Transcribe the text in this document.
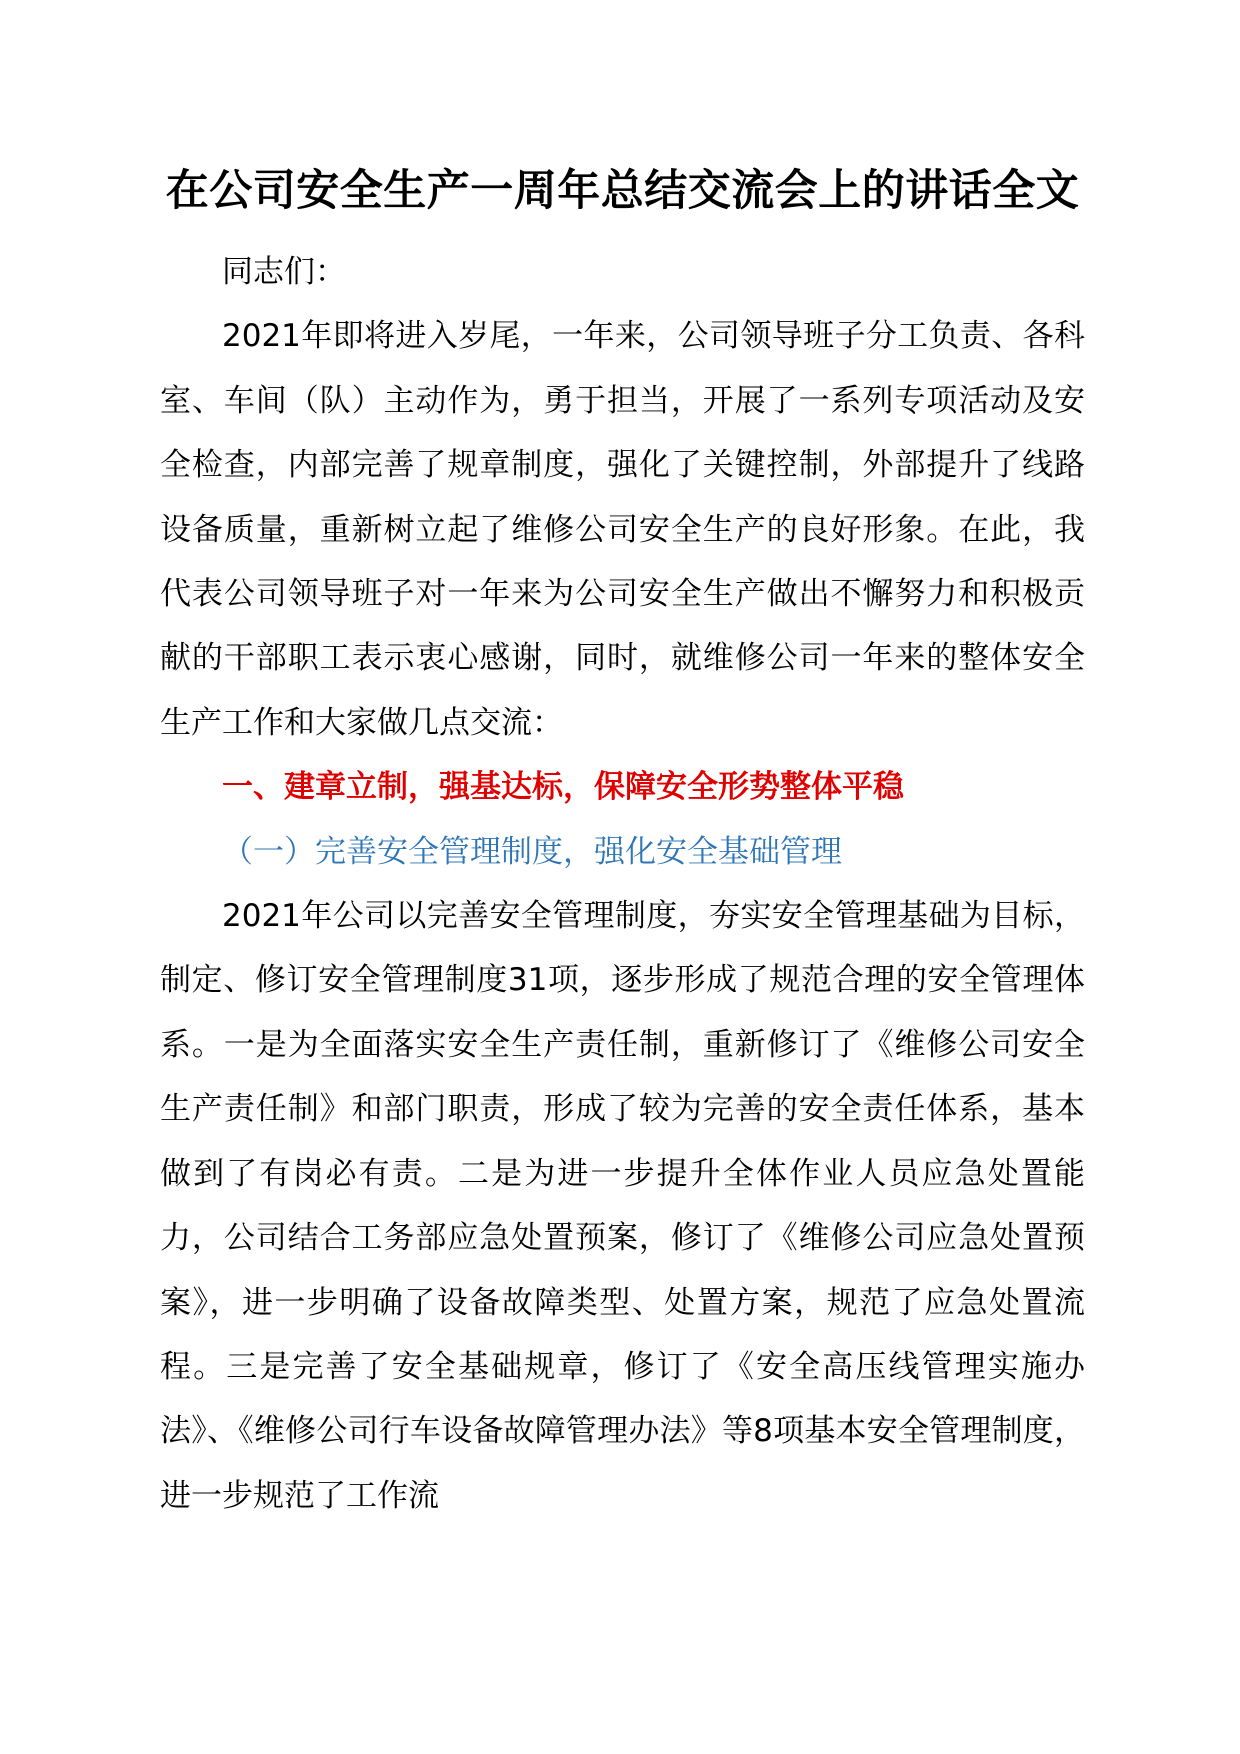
在公司安全生产一周年总结交流会上的讲话全文

同志们：

2021年即将进入岁尾，一年来，公司领导班子分工负责、各科室、车间（队）主动作为，勇于担当，开展了一系列专项活动及安全检查，内部完善了规章制度，强化了关键控制，外部提升了线路设备质量，重新树立起了维修公司安全生产的良好形象。在此，我代表公司领导班子对一年来为公司安全生产做出不懈努力和积极贡献的干部职工表示衷心感谢，同时，就维修公司一年来的整体安全生产工作和大家做几点交流：

一、建章立制，强基达标，保障安全形势整体平稳

（一）完善安全管理制度，强化安全基础管理

2021年公司以完善安全管理制度，夯实安全管理基础为目标，制定、修订安全管理制度31项，逐步形成了规范合理的安全管理体系。一是为全面落实安全生产责任制，重新修订了《维修公司安全生产责任制》和部门职责，形成了较为完善的安全责任体系，基本做到了有岗必有责。二是为进一步提升全体作业人员应急处置能力，公司结合工务部应急处置预案，修订了《维修公司应急处置预案》，进一步明确了设备故障类型、处置方案，规范了应急处置流程。三是完善了安全基础规章，修订了《安全高压线管理实施办法》、《维修公司行车设备故障管理办法》等8项基本安全管理制度，进一步规范了工作流
